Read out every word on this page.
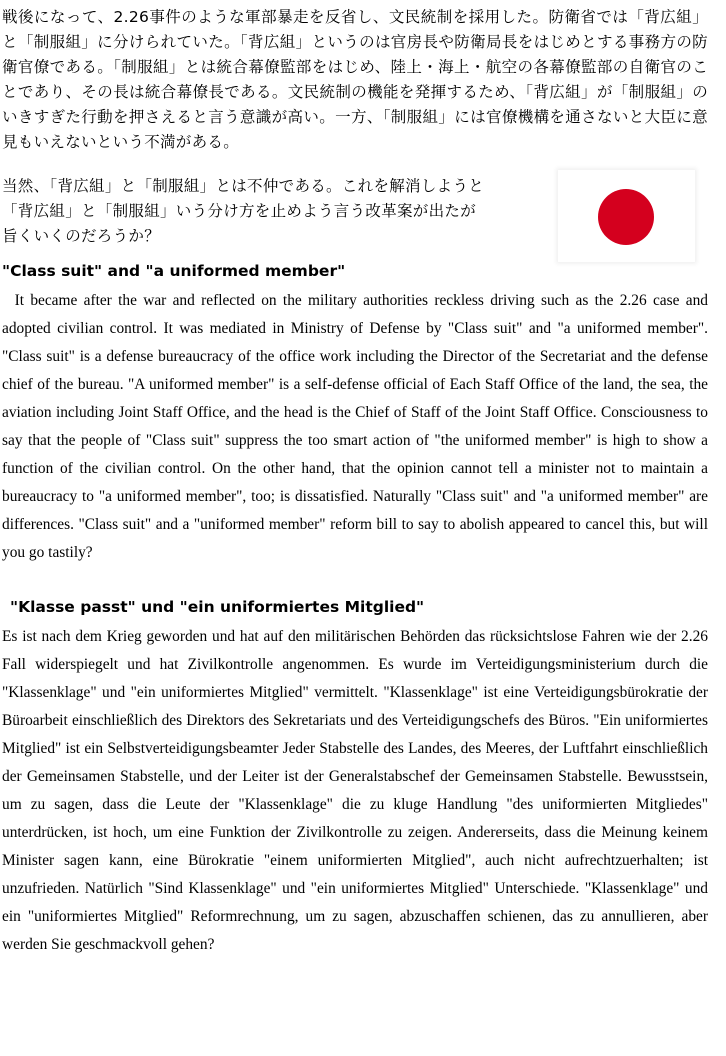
戦後になって、2.26事件のような軍部暴走を反省し、文民統制を採用した。防衛省では「背広組」と「制服組」に分けられていた。「背広組」というのは官房長や防衛局長をはじめとする事務方の防衛官僚である。「制服組」とは統合幕僚監部をはじめ、陸上・海上・航空の各幕僚監部の自衛官のことであり、その長は統合幕僚長である。文民統制の機能を発揮するため、「背広組」が「制服組」のいきすぎた行動を押さえると言う意識が高い。一方、「制服組」には官僚機構を通さないと大臣に意見もいえないという不満がある。

当然、「背広組」と「制服組」とは不仲である。これを解消しようと
「背広組」と「制服組」いう分け方を止めよう言う改革案が出たが
旨くいくのだろうか？
"Class suit" and "a uniformed member"

It became after the war and reflected on the military authorities reckless driving such as the 2.26 case and adopted civilian control. It was mediated in Ministry of Defense by "Class suit" and "a uniformed member". "Class suit" is a defense bureaucracy of the office work including the Director of the Secretariat and the defense chief of the bureau. "A uniformed member" is a self-defense official of Each Staff Office of the land, the sea, the aviation including Joint Staff Office, and the head is the Chief of Staff of the Joint Staff Office. Consciousness to say that the people of "Class suit" suppress the too smart action of "the uniformed member" is high to show a function of the civilian control. On the other hand, that the opinion cannot tell a minister not to maintain a bureaucracy to "a uniformed member", too; is dissatisfied. Naturally "Class suit" and "a uniformed member" are differences. "Class suit" and a "uniformed member" reform bill to say to abolish appeared to cancel this, but will you go tastily?

"Klasse passt" und "ein uniformiertes Mitglied"

Es ist nach dem Krieg geworden und hat auf den militärischen Behörden das rücksichtslose Fahren wie der 2.26 Fall widerspiegelt und hat Zivilkontrolle angenommen. Es wurde im Verteidigungsministerium durch die "Klassenklage" und "ein uniformiertes Mitglied" vermittelt. "Klassenklage" ist eine Verteidigungsbürokratie der Büroarbeit einschließlich des Direktors des Sekretariats und des Verteidigungschefs des Büros. "Ein uniformiertes Mitglied" ist ein Selbstverteidigungsbeamter Jeder Stabstelle des Landes, des Meeres, der Luftfahrt einschließlich der Gemeinsamen Stabstelle, und der Leiter ist der Generalstabschef der Gemeinsamen Stabstelle. Bewusstsein, um zu sagen, dass die Leute der "Klassenklage" die zu kluge Handlung "des uniformierten Mitgliedes" unterdrücken, ist hoch, um eine Funktion der Zivilkontrolle zu zeigen. Andererseits, dass die Meinung keinem Minister sagen kann, eine Bürokratie "einem uniformierten Mitglied", auch nicht aufrechtzuerhalten; ist unzufrieden. Natürlich "Sind Klassenklage" und "ein uniformiertes Mitglied" Unterschiede. "Klassenklage" und ein "uniformiertes Mitglied" Reformrechnung, um zu sagen, abzuschaffen schienen, das zu annullieren, aber werden Sie geschmackvoll gehen?
